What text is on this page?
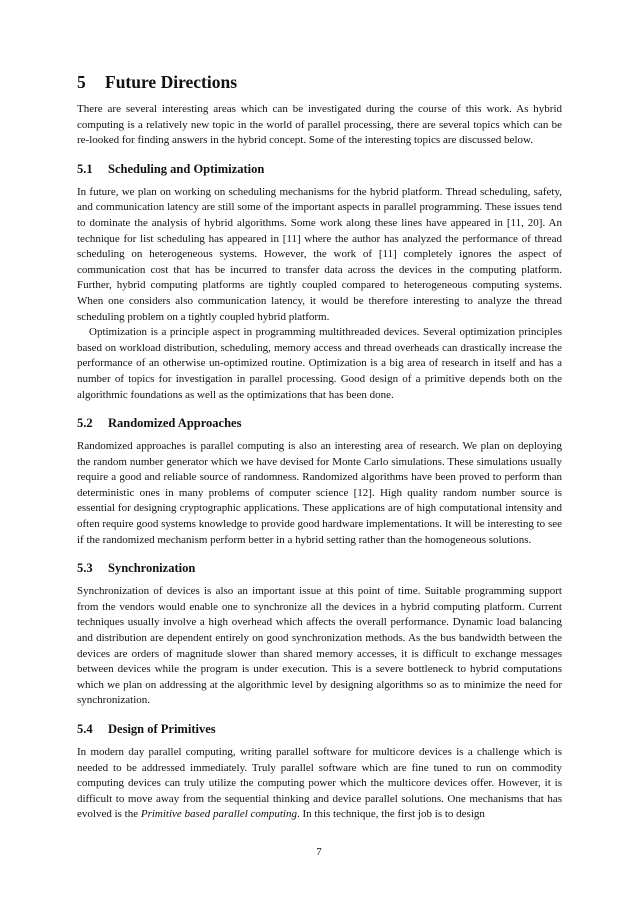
5 Future Directions

There are several interesting areas which can be investigated during the course of this work. As hybrid computing is a relatively new topic in the world of parallel processing, there are several topics which can be re-looked for finding answers in the hybrid concept. Some of the interesting topics are discussed below.

5.1 Scheduling and Optimization

In future, we plan on working on scheduling mechanisms for the hybrid platform. Thread scheduling, safety, and communication latency are still some of the important aspects in parallel programming. These issues tend to dominate the analysis of hybrid algorithms. Some work along these lines have appeared in [11, 20]. An technique for list scheduling has appeared in [11] where the author has analyzed the performance of thread scheduling on heterogeneous systems. However, the work of [11] completely ignores the aspect of communication cost that has be incurred to transfer data across the devices in the computing platform. Further, hybrid computing platforms are tightly coupled compared to heterogeneous computing systems. When one considers also communication latency, it would be therefore interesting to analyze the thread scheduling problem on a tightly coupled hybrid platform.

Optimization is a principle aspect in programming multithreaded devices. Several optimization principles based on workload distribution, scheduling, memory access and thread overheads can drastically increase the performance of an otherwise un-optimized routine. Optimization is a big area of research in itself and has a number of topics for investigation in parallel processing. Good design of a primitive depends both on the algorithmic foundations as well as the optimizations that has been done.

5.2 Randomized Approaches

Randomized approaches is parallel computing is also an interesting area of research. We plan on deploying the random number generator which we have devised for Monte Carlo simulations. These simulations usually require a good and reliable source of randomness. Randomized algorithms have been proved to perform than deterministic ones in many problems of computer science [12]. High quality random number source is essential for designing cryptographic applications. These applications are of high computational intensity and often require good systems knowledge to provide good hardware implementations. It will be interesting to see if the randomized mechanism perform better in a hybrid setting rather than the homogeneous solutions.

5.3 Synchronization

Synchronization of devices is also an important issue at this point of time. Suitable programming support from the vendors would enable one to synchronize all the devices in a hybrid computing platform. Current techniques usually involve a high overhead which affects the overall performance. Dynamic load balancing and distribution are dependent entirely on good synchronization methods. As the bus bandwidth between the devices are orders of magnitude slower than shared memory accesses, it is difficult to exchange messages between devices while the program is under execution. This is a severe bottleneck to hybrid computations which we plan on addressing at the algorithmic level by designing algorithms so as to minimize the need for synchronization.

5.4 Design of Primitives

In modern day parallel computing, writing parallel software for multicore devices is a challenge which is needed to be addressed immediately. Truly parallel software which are fine tuned to run on commodity computing devices can truly utilize the computing power which the multicore devices offer. However, it is difficult to move away from the sequential thinking and device parallel solutions. One mechanisms that has evolved is the Primitive based parallel computing. In this technique, the first job is to design

7
